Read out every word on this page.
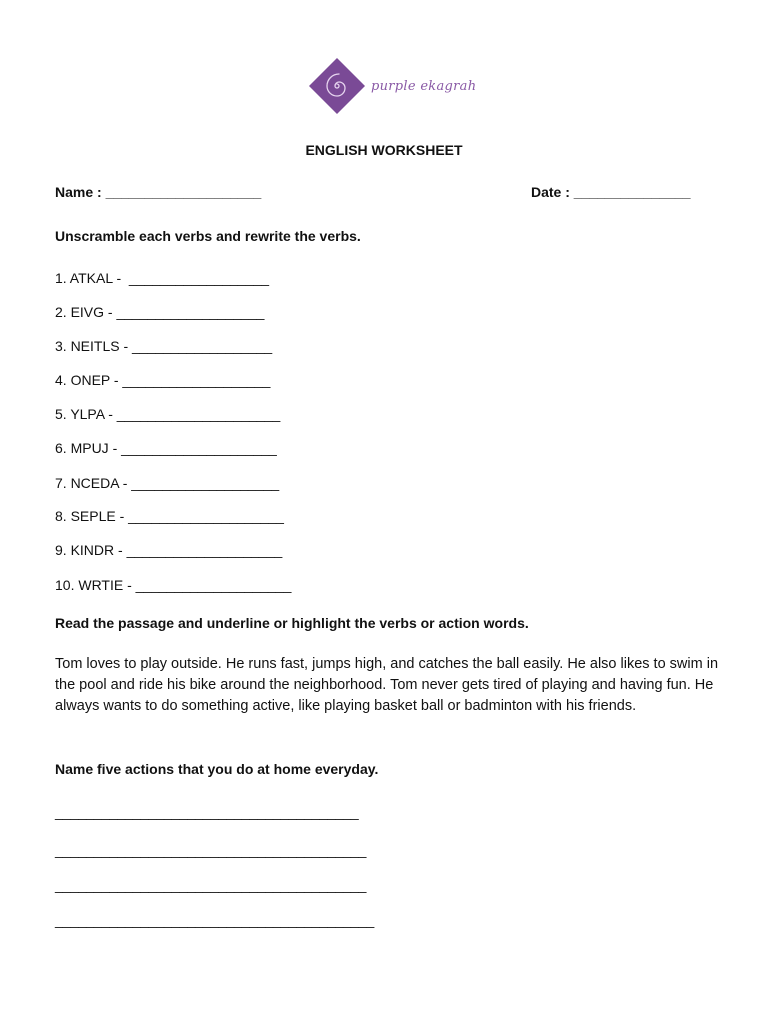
purple ekagrah
ENGLISH WORKSHEET
Name : ____________________	Date : _______________
Unscramble each verbs and rewrite the verbs.
1. ATKAL -  __________________
2. EIVG - ___________________
3. NEITLS - __________________
4. ONEP - ___________________
5. YLPA - _____________________
6. MPUJ - ____________________
7. NCEDA - ___________________
8. SEPLE - ____________________
9. KINDR - ____________________
10. WRTIE - ____________________
Read the passage and underline or highlight the verbs or action words.
Tom loves to play outside. He runs fast, jumps high, and catches the ball easily. He also likes to swim in the pool and ride his bike around the neighborhood. Tom never gets tired of playing and having fun. He always wants to do something active, like playing basket ball or badminton with his friends.
Name five actions that you do at home everyday.
_______________________________________
________________________________________
________________________________________
_________________________________________
